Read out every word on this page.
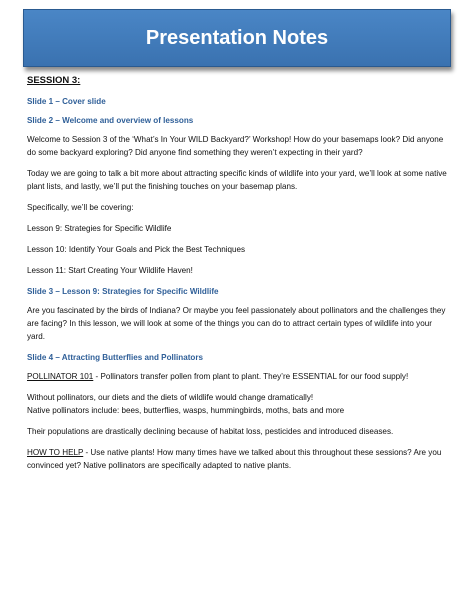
Presentation Notes

SESSION 3:

Slide 1 – Cover slide

Slide 2 – Welcome and overview of lessons

Welcome to Session 3 of the ‘What’s In Your WILD Backyard?’ Workshop! How do your basemaps look? Did anyone do some backyard exploring? Did anyone find something they weren’t expecting in their yard?

Today we are going to talk a bit more about attracting specific kinds of wildlife into your yard, we’ll look at some native plant lists, and lastly, we’ll put the finishing touches on your basemap plans.

Specifically, we’ll be covering:

Lesson 9: Strategies for Specific Wildlife

Lesson 10: Identify Your Goals and Pick the Best Techniques

Lesson 11: Start Creating Your Wildlife Haven!

Slide 3 – Lesson 9: Strategies for Specific Wildlife

Are you fascinated by the birds of Indiana? Or maybe you feel passionately about pollinators and the challenges they are facing? In this lesson, we will look at some of the things you can do to attract certain types of wildlife into your yard.

Slide 4 – Attracting Butterflies and Pollinators

POLLINATOR 101 - Pollinators transfer pollen from plant to plant. They’re ESSENTIAL for our food supply!

Without pollinators, our diets and the diets of wildlife would change dramatically!

Native pollinators include: bees, butterflies, wasps, hummingbirds, moths, bats and more

Their populations are drastically declining because of habitat loss, pesticides and introduced diseases.

HOW TO HELP - Use native plants! How many times have we talked about this throughout these sessions? Are you convinced yet? Native pollinators are specifically adapted to native plants.
